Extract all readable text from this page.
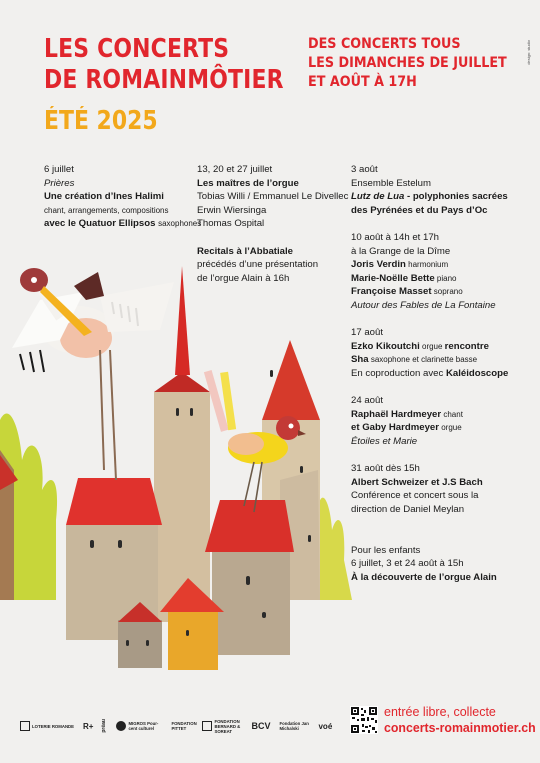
LES CONCERTS
DE ROMAINMÔTIER
ÉTÉ 2025
DES CONCERTS TOUS
LES DIMANCHES DE JUILLET
ET AOÛT À 17H
design: studio
6 juillet
Prières
Une création d’Ines Halimi
chant, arrangements, compositions
avec le Quatuor Ellipsos saxophones
13, 20 et 27 juillet
Les maîtres de l’orgue
Tobias Willi / Emmanuel Le Divellec
Erwin Wiersinga
Thomas Ospital
Recitals à l’Abbatiale
précédés d’une présentation
de l’orgue Alain à 16h
3 août
Ensemble Estelum
Lutz de Lua - polyphonies sacrées
des Pyrénées et du Pays d’Oc
10 août à 14h et 17h
à la Grange de la Dîme
Joris Verdin harmonium
Marie-Noëlle Bette piano
Françoise Masset soprano
Autour des Fables de La Fontaine
17 août
Ezko Kikoutchi orgue rencontre
Sha saxophone et clarinette basse
En coproduction avec Kaléidoscope
24 août
Raphaël Hardmeyer chant
et Gaby Hardmeyer orgue
Étoiles et Marie
31 août dès 15h
Albert Schweizer et J.S Bach
Conférence et concert sous la
direction de Daniel Meylan
Pour les enfants
6 juillet, 3 et 24 août à 15h
À la découverte de l’orgue Alain
LOTERIE ROMANDE R+ préau	MIGROS Pour-cent culturel
FONDATION PITTET
FONDATION BERNARD & SOREAT
BCV Fondation Jan Michalski	voé
entrée libre, collecte
concerts-romainmotier.ch
